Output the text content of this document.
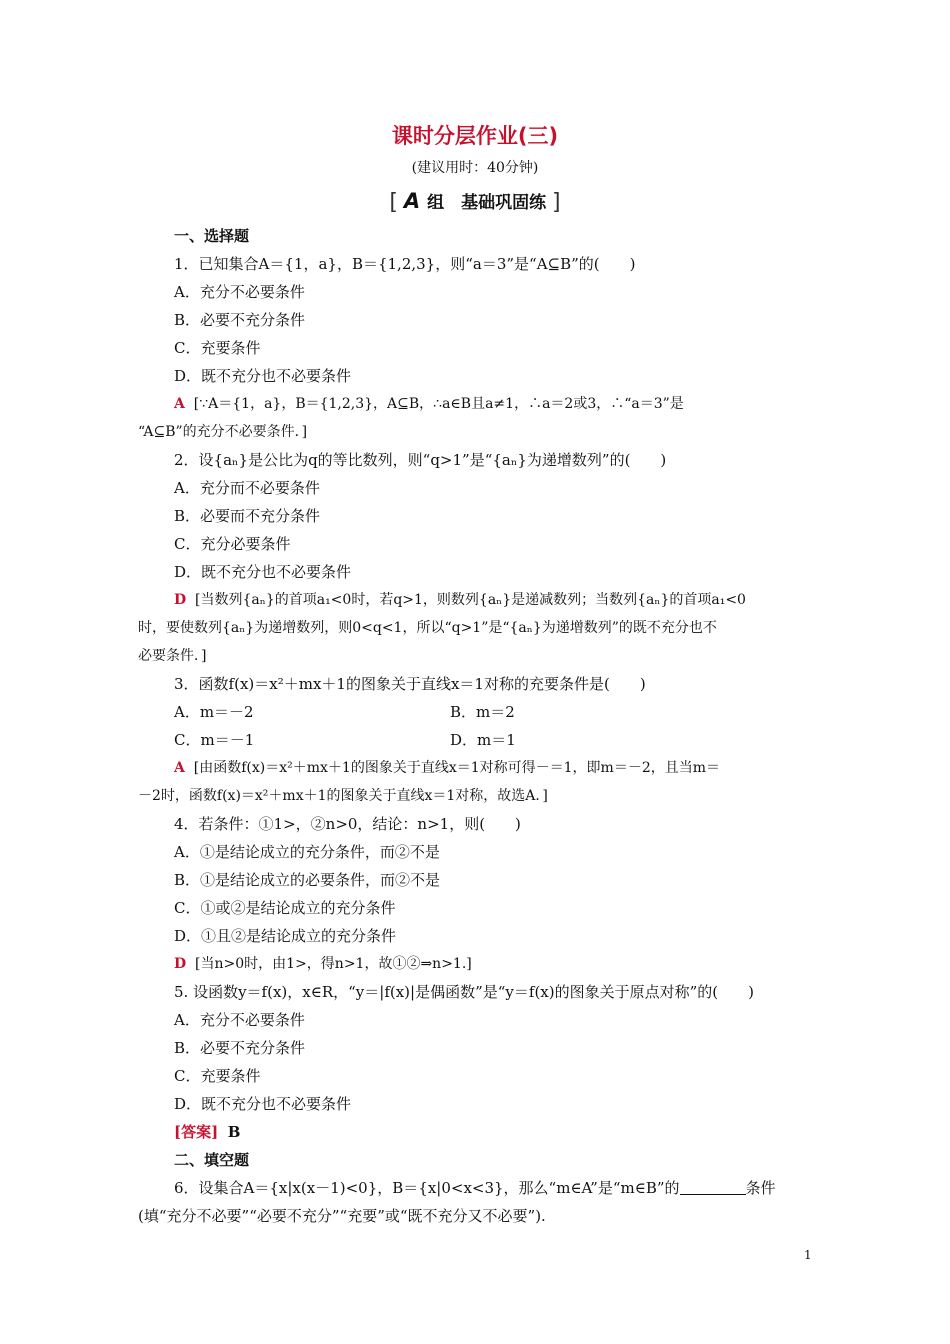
课时分层作业(三)
(建议用时：40分钟)
[ A 组　基础巩固练 ]
一、选择题
1．已知集合A＝{1，a}，B＝{1,2,3}，则“a＝3”是“A⊆B”的(　　)
A．充分不必要条件
B．必要不充分条件
C．充要条件
D．既不充分也不必要条件
A [∵A＝{1，a}，B＝{1,2,3}，A⊆B，∴a∈B且a≠1，∴a＝2或3，∴“a＝3”是
“A⊆B”的充分不必要条件．]
2．设{aₙ}是公比为q的等比数列，则“q>1”是“{aₙ}为递增数列”的(　　)
A．充分而不必要条件
B．必要而不充分条件
C．充分必要条件
D．既不充分也不必要条件
D [当数列{aₙ}的首项a₁<0时，若q>1，则数列{aₙ}是递减数列；当数列{aₙ}的首项a₁<0
时，要使数列{aₙ}为递增数列，则0<q<1，所以“q>1”是“{aₙ}为递增数列”的既不充分也不
必要条件．]
3．函数f(x)＝x²＋mx＋1的图象关于直线x＝1对称的充要条件是(　　)
A．m＝－2	B．m＝2
C．m＝－1	D．m＝1
A [由函数f(x)＝x²＋mx＋1的图象关于直线x＝1对称可得－＝1，即m＝－2，且当m＝
－2时，函数f(x)＝x²＋mx＋1的图象关于直线x＝1对称，故选A．]
4．若条件：①1>，②n>0，结论：n>1，则(　　)
A．①是结论成立的充分条件，而②不是
B．①是结论成立的必要条件，而②不是
C．①或②是结论成立的充分条件
D．①且②是结论成立的充分条件
D [当n>0时，由1>，得n>1，故①②⇒n>1.]
5. 设函数y＝f(x)，x∈R，“y＝|f(x)|是偶函数”是“y＝f(x)的图象关于原点对称”的(　　)
A．充分不必要条件
B．必要不充分条件
C．充要条件
D．既不充分也不必要条件
[答案] B
二、填空题
6．设集合A＝{x|x(x－1)<0}，B＝{x|0<x<3}，那么“m∈A”是“m∈B”的	条件
(填“充分不必要”“必要不充分”“充要”或“既不充分又不必要”).
1
